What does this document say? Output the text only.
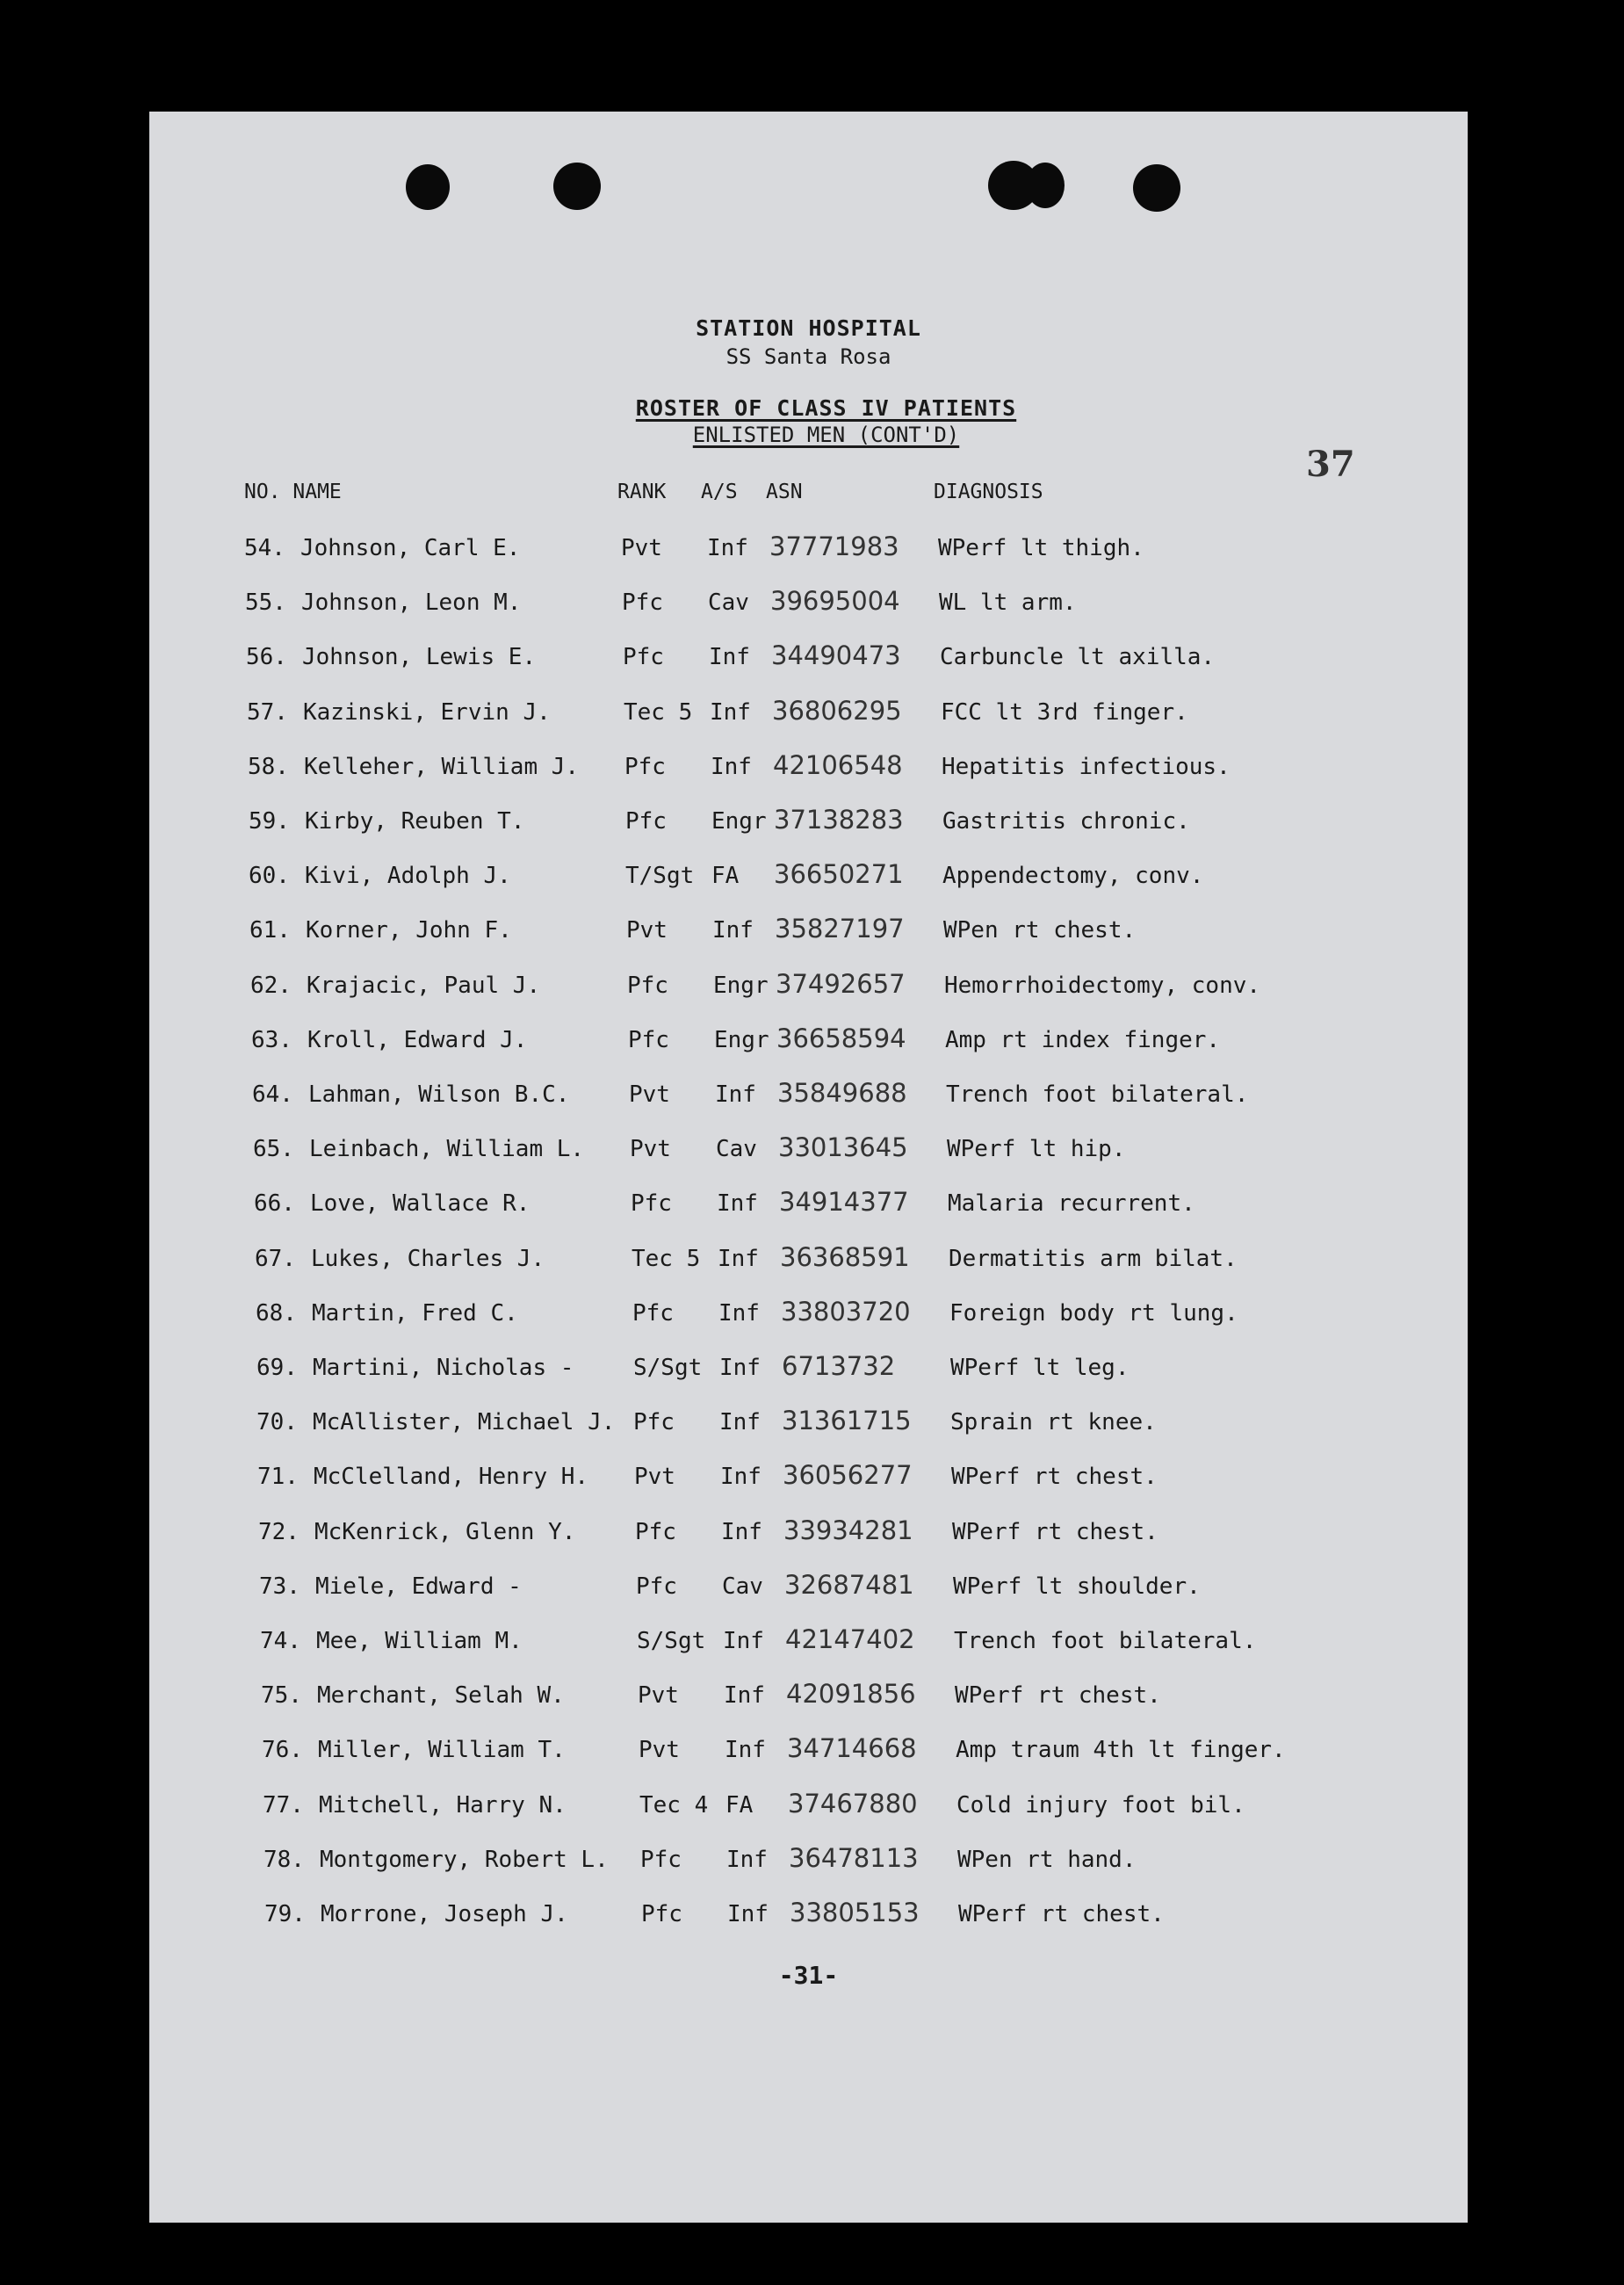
STATION HOSPITAL
SS Santa Rosa
ROSTER OF CLASS IV PATIENTS
ENLISTED MEN (CONT'D)
37
NO. NAME	RANK A/S ASN	DIAGNOSIS
54. Johnson, Carl E.	Pvt Inf 37771983 WPerf lt thigh.
55. Johnson, Leon M.	Pfc Cav 39695004 WL lt arm.
56. Johnson, Lewis E.	Pfc Inf 34490473 Carbuncle lt axilla.
57. Kazinski, Ervin J.	Tec 5 Inf 36806295 FCC lt 3rd finger.
58. Kelleher, William J. Pfc Inf 42106548 Hepatitis infectious.
59. Kirby, Reuben T.	Pfc Engr 37138283 Gastritis chronic.
60. Kivi, Adolph J.	T/Sgt FA 36650271 Appendectomy, conv.
61. Korner, John F.	Pvt Inf 35827197 WPen rt chest.
62. Krajacic, Paul J.	Pfc Engr 37492657 Hemorrhoidectomy, conv.
63. Kroll, Edward J.	Pfc Engr 36658594 Amp rt index finger.
64. Lahman, Wilson B.C.	Pvt Inf 35849688 Trench foot bilateral.
65. Leinbach, William L. Pvt Cav 33013645 WPerf lt hip.
66. Love, Wallace R.	Pfc Inf 34914377 Malaria recurrent.
67. Lukes, Charles J.	Tec 5 Inf 36368591 Dermatitis arm bilat.
68. Martin, Fred C.	Pfc Inf 33803720 Foreign body rt lung.
69. Martini, Nicholas -	S/Sgt Inf 6713732 WPerf lt leg.
70. McAllister, Michael J. Pfc Inf 31361715 Sprain rt knee.
71. McClelland, Henry H. Pvt Inf 36056277 WPerf rt chest.
72. McKenrick, Glenn Y.	Pfc Inf 33934281 WPerf rt chest.
73. Miele, Edward -	Pfc Cav 32687481 WPerf lt shoulder.
74. Mee, William M.	S/Sgt Inf 42147402 Trench foot bilateral.
75. Merchant, Selah W.	Pvt Inf 42091856 WPerf rt chest.
76. Miller, William T.	Pvt Inf 34714668 Amp traum 4th lt finger.
77. Mitchell, Harry N.	Tec 4 FA 37467880 Cold injury foot bil.
78. Montgomery, Robert L. Pfc Inf 36478113 WPen rt hand.
79. Morrone, Joseph J.	Pfc Inf 33805153 WPerf rt chest.
-31-
